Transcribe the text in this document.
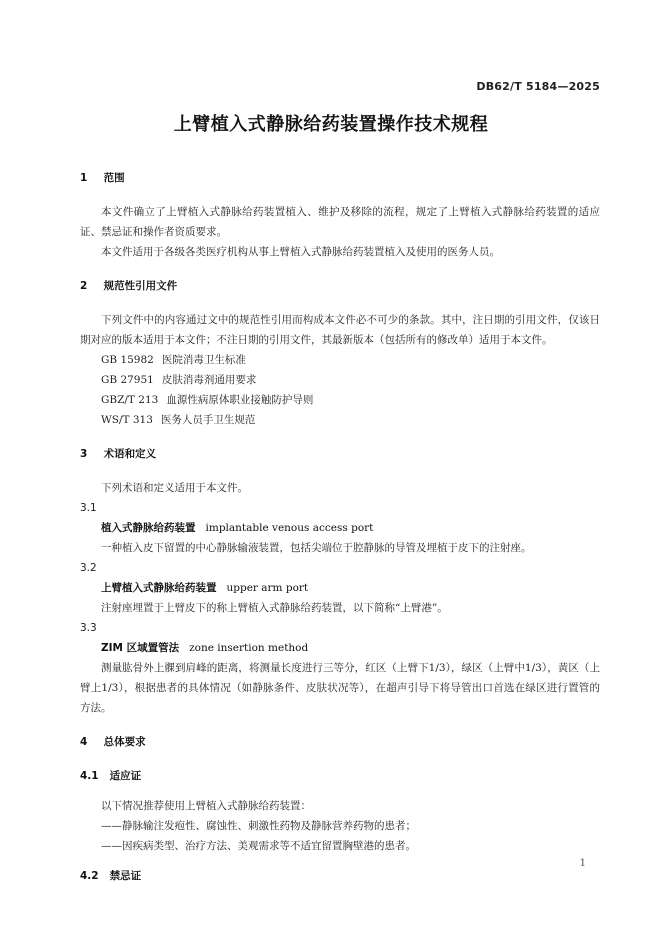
DB62/T 5184—2025
上臂植入式静脉给药装置操作技术规程
1 范围
本文件确立了上臂植入式静脉给药装置植入、维护及移除的流程，规定了上臂植入式静脉给药装置的适应证、禁忌证和操作者资质要求。
本文件适用于各级各类医疗机构从事上臂植入式静脉给药装置植入及使用的医务人员。
2 规范性引用文件
下列文件中的内容通过文中的规范性引用而构成本文件必不可少的条款。其中，注日期的引用文件，仅该日期对应的版本适用于本文件；不注日期的引用文件，其最新版本（包括所有的修改单）适用于本文件。
GB 15982 医院消毒卫生标准
GB 27951 皮肤消毒剂通用要求
GBZ/T 213 血源性病原体职业接触防护导则
WS/T 313 医务人员手卫生规范
3 术语和定义
下列术语和定义适用于本文件。
3.1
植入式静脉给药装置 implantable venous access port
一种植入皮下留置的中心静脉输液装置，包括尖端位于腔静脉的导管及埋植于皮下的注射座。
3.2
上臂植入式静脉给药装置 upper arm port
注射座埋置于上臂皮下的称上臂植入式静脉给药装置，以下简称“上臂港”。
3.3
ZIM 区域置管法 zone insertion method
测量肱骨外上髁到肩峰的距离，将测量长度进行三等分，红区（上臂下1/3），绿区（上臂中1/3），黄区（上臂上1/3），根据患者的具体情况（如静脉条件、皮肤状况等），在超声引导下将导管出口首选在绿区进行置管的方法。
4 总体要求
4.1 适应证
以下情况推荐使用上臂植入式静脉给药装置：
——静脉输注发疱性、腐蚀性、刺激性药物及静脉营养药物的患者；
——因疾病类型、治疗方法、美观需求等不适宜留置胸壁港的患者。
4.2 禁忌证
1
